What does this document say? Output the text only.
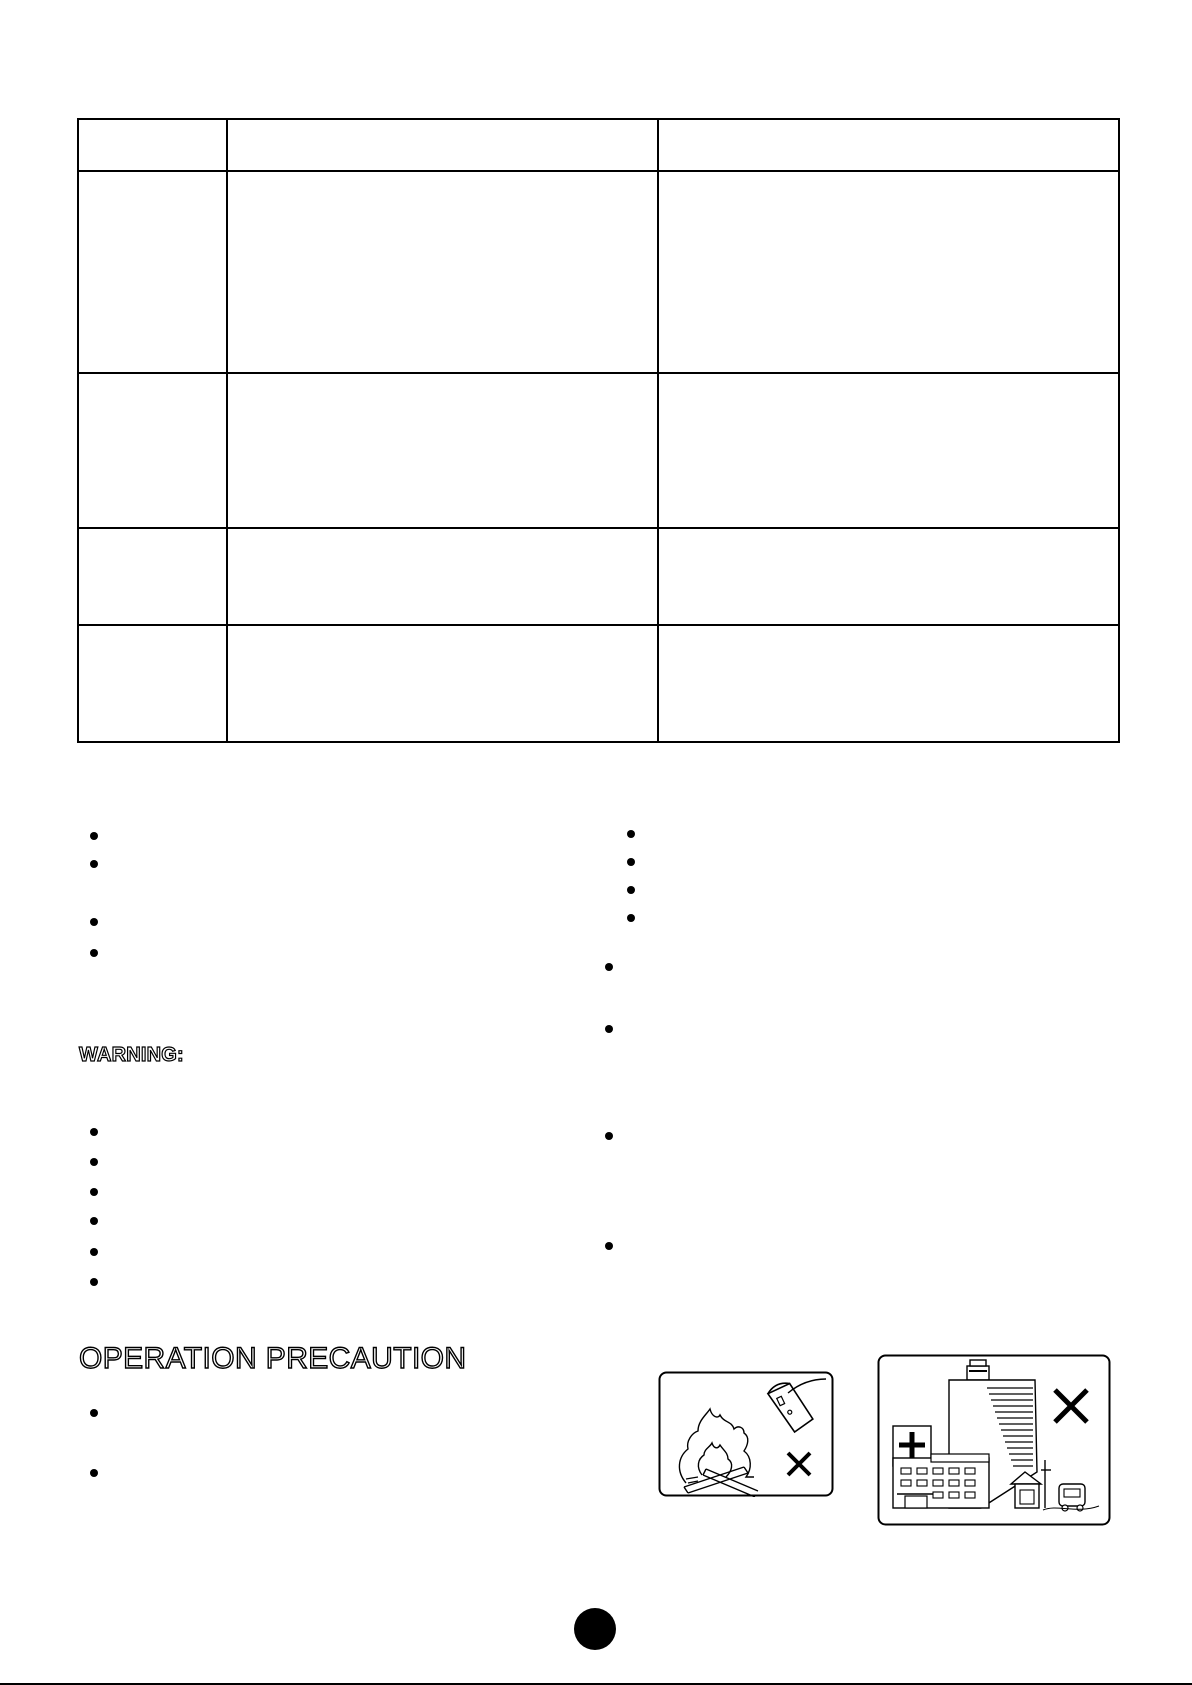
WARNING:
OPERATION PRECAUTION
